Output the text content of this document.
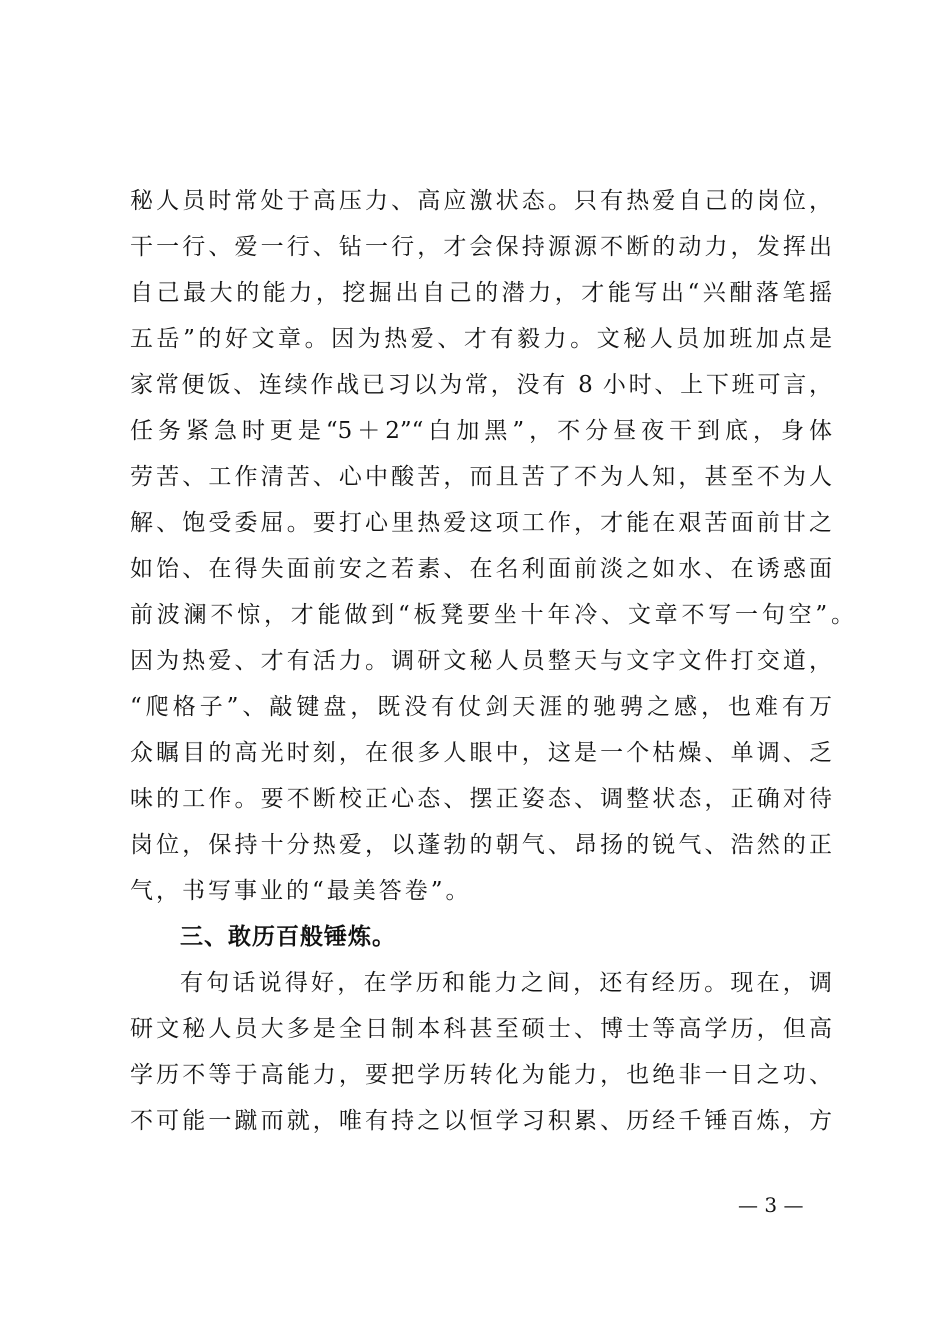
秘人员时常处于高压力、高应激状态。只有热爱自己的岗位，
干一行、爱一行、钻一行，才会保持源源不断的动力，发挥出
自己最大的能力，挖掘出自己的潜力，才能写出“兴酣落笔摇
五岳”的好文章。因为热爱、才有毅力。文秘人员加班加点是
家常便饭、连续作战已习以为常，没有 8 小时、上下班可言，
任务紧急时更是“5＋2”“白加黑”，不分昼夜干到底，身体
劳苦、工作清苦、心中酸苦，而且苦了不为人知，甚至不为人
解、饱受委屈。要打心里热爱这项工作，才能在艰苦面前甘之
如饴、在得失面前安之若素、在名利面前淡之如水、在诱惑面
前波澜不惊，才能做到“板凳要坐十年冷、文章不写一句空”。
因为热爱、才有活力。调研文秘人员整天与文字文件打交道，
“爬格子”、敲键盘，既没有仗剑天涯的驰骋之感，也难有万
众瞩目的高光时刻，在很多人眼中，这是一个枯燥、单调、乏
味的工作。要不断校正心态、摆正姿态、调整状态，正确对待
岗位，保持十分热爱，以蓬勃的朝气、昂扬的锐气、浩然的正
气，书写事业的“最美答卷”。
三、敢历百般锤炼。
有句话说得好，在学历和能力之间，还有经历。现在，调
研文秘人员大多是全日制本科甚至硕士、博士等高学历，但高
学历不等于高能力，要把学历转化为能力，也绝非一日之功、
不可能一蹴而就，唯有持之以恒学习积累、历经千锤百炼，方
— 3 —
